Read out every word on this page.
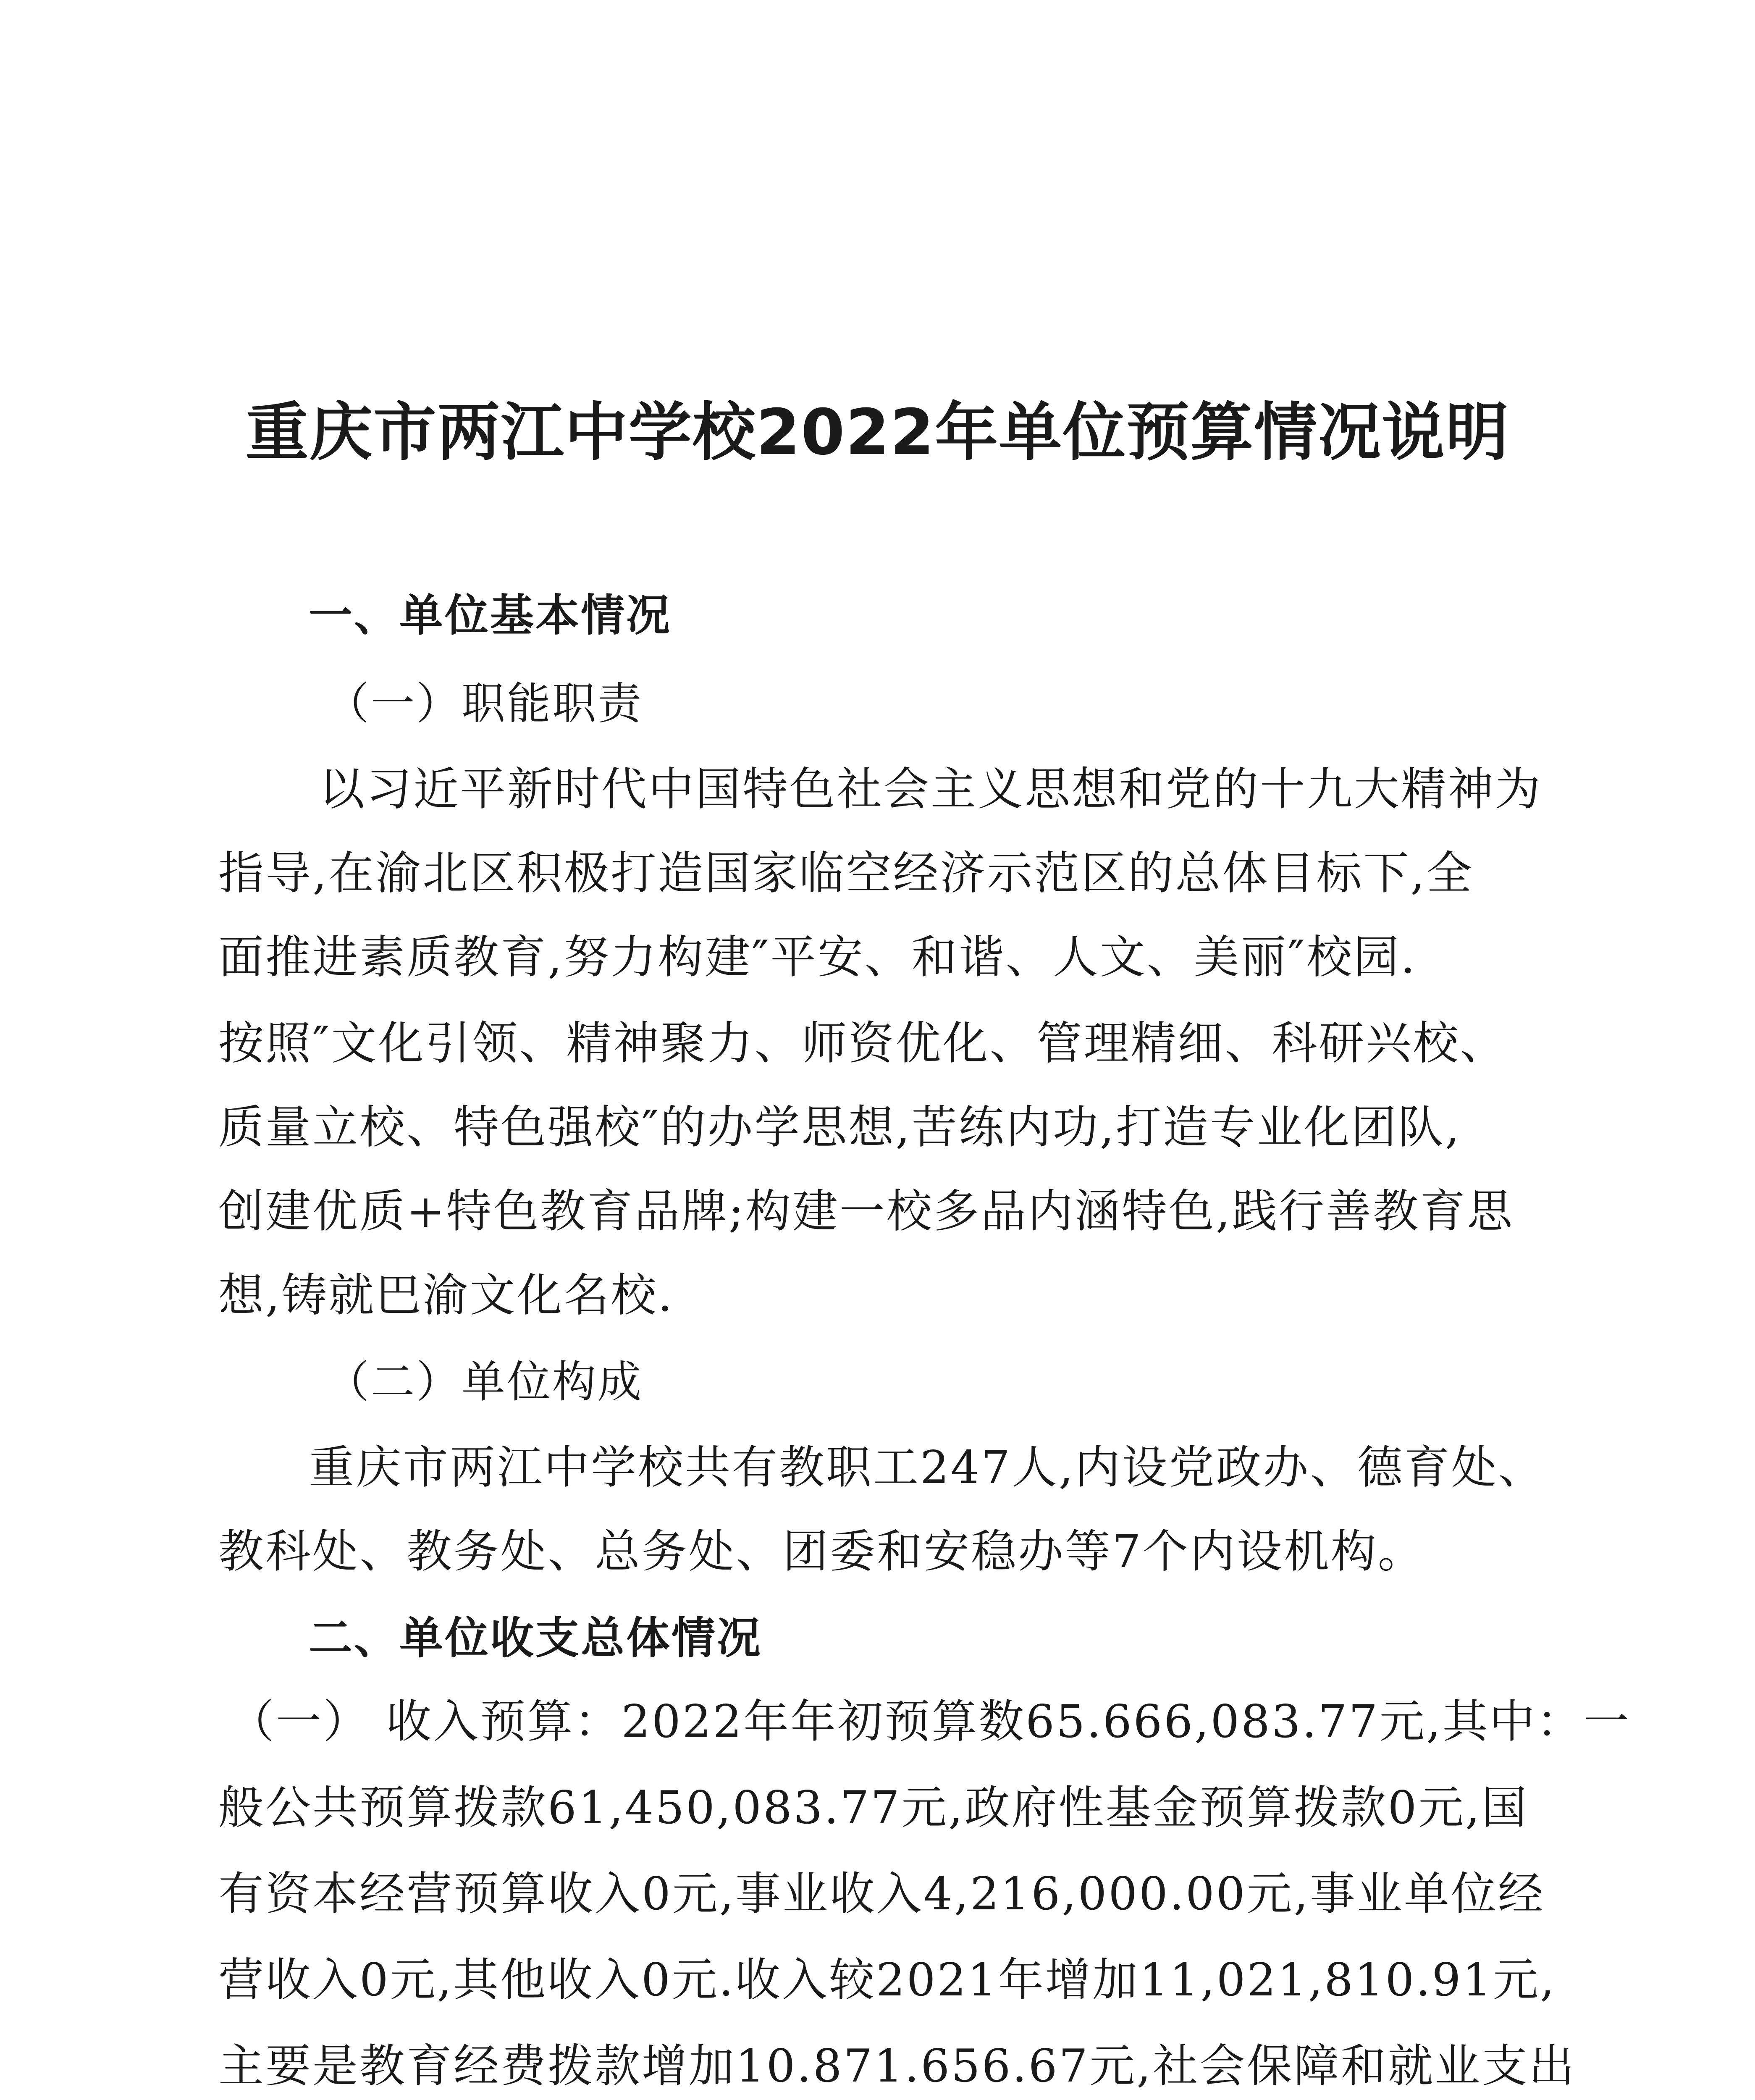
重庆市两江中学校2022年单位预算情况说明
一、单位基本情况
（一）职能职责
以习近平新时代中国特色社会主义思想和党的十九大精神为
指导,在渝北区积极打造国家临空经济示范区的总体目标下,全
面推进素质教育,努力构建″平安、和谐、人文、美丽″校园.
按照″文化引领、精神聚力、师资优化、管理精细、科研兴校、
质量立校、特色强校″的办学思想,苦练内功,打造专业化团队,
创建优质+特色教育品牌;构建一校多品内涵特色,践行善教育思
想,铸就巴渝文化名校.
（二）单位构成
重庆市两江中学校共有教职工247人,内设党政办、德育处、
教科处、教务处、总务处、团委和安稳办等7个内设机构。
二、单位收支总体情况
（一） 收入预算：2022年年初预算数65.666,083.77元,其中：一
般公共预算拨款61,450,083.77元,政府性基金预算拨款0元,国
有资本经营预算收入0元,事业收入4,216,000.00元,事业单位经
营收入0元,其他收入0元.收入较2021年增加11,021,810.91元,
主要是教育经费拨款增加10.871.656.67元,社会保障和就业支出
